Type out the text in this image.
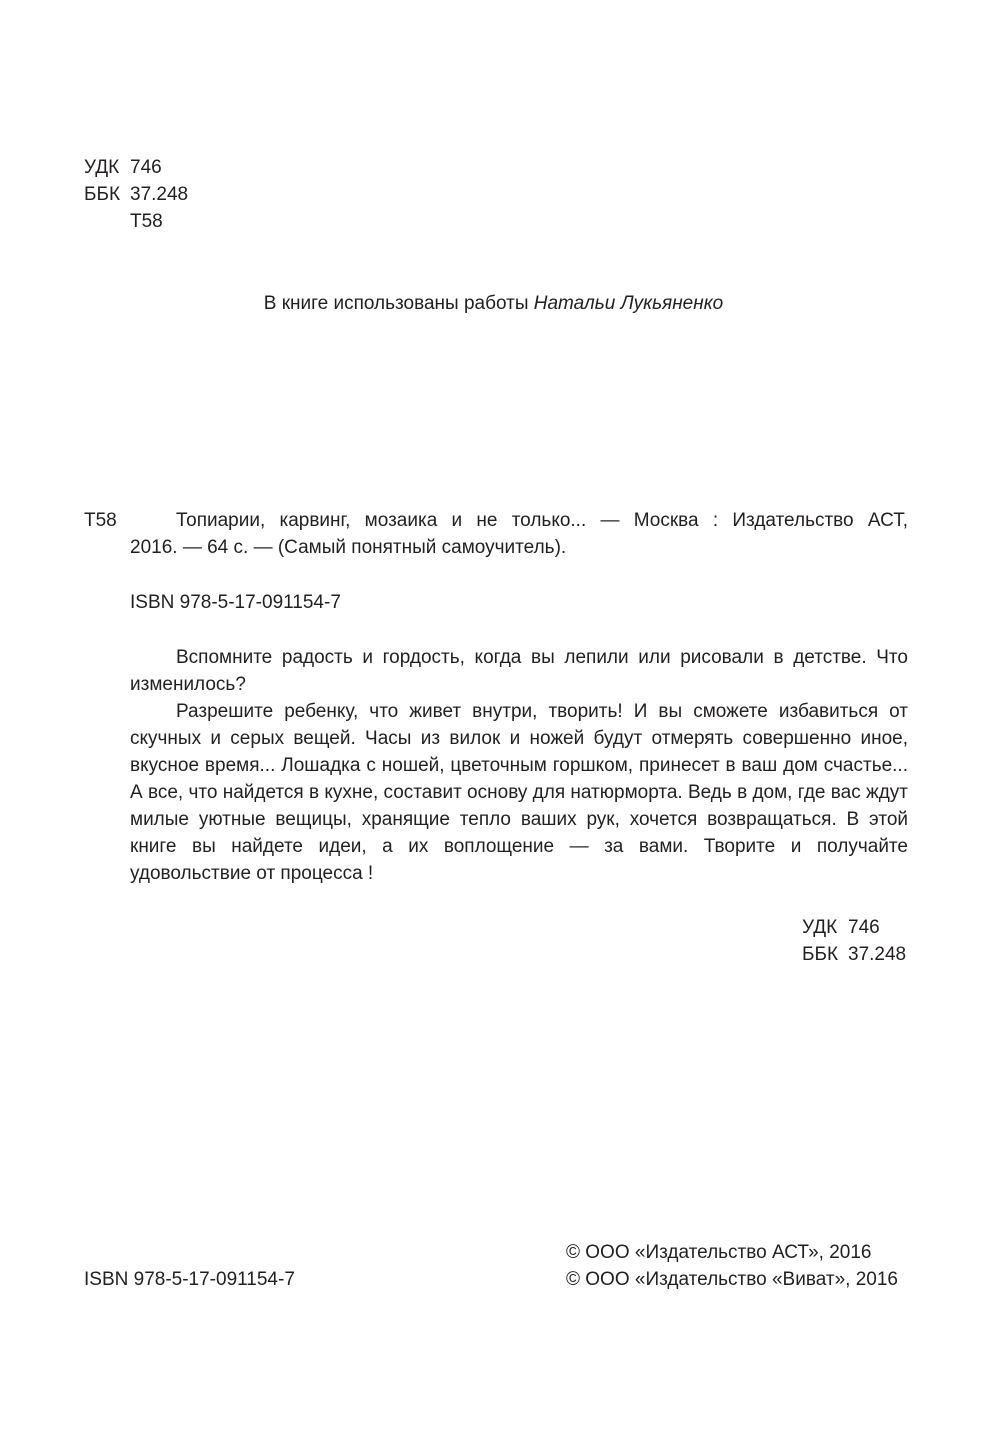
УДК 746
ББК 37.248
Т58
В книге использованы работы Натальи Лукьяненко
Т58	Топиарии, карвинг, мозаика и не только... — Москва : Издательство АСТ,
2016. — 64 с. — (Самый понятный самоучитель).
ISBN 978-5-17-091154-7

Вспомните радость и гордость, когда вы лепили или рисовали в детстве. Что изменилось?

Разрешите ребенку, что живет внутри, творить! И вы сможете избавиться от скучных и серых вещей. Часы из вилок и ножей будут отмерять совершенно иное, вкусное время... Лошадка с ношей, цветочным горшком, принесет в ваш дом счастье... А все, что найдется в кухне, составит основу для натюрморта. Ведь в дом, где вас ждут милые уютные вещицы, хранящие тепло ваших рук, хочется возвращаться. В этой книге вы найдете идеи, а их воплощение — за вами. Творите и получайте удовольствие от процесса !

УДК 746
ББК 37.248
ISBN 978-5-17-091154-7
© ООО «Издательство АСТ», 2016
© ООО «Издательство «Виват», 2016
